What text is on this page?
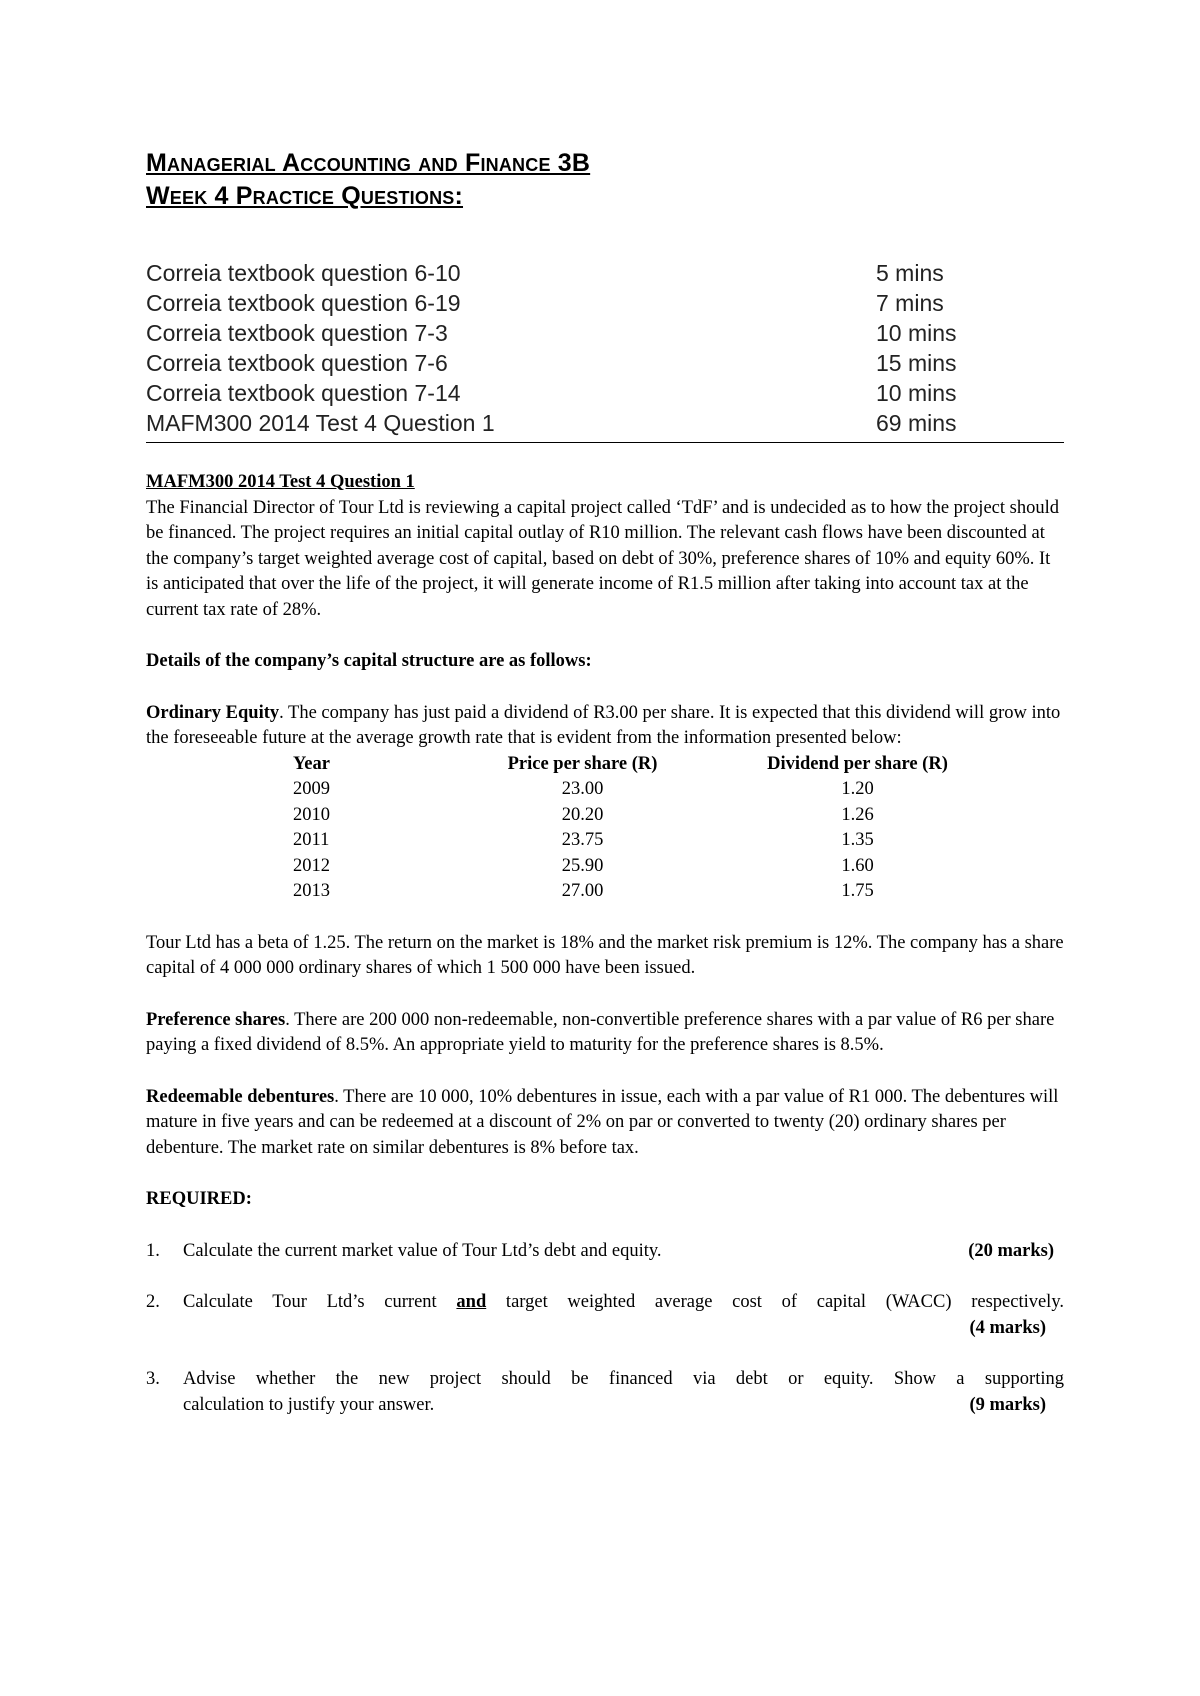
Managerial Accounting and Finance 3B
Week 4 Practice Questions:
Correia textbook question 6-10	5 mins
Correia textbook question 6-19	7 mins
Correia textbook question 7-3	10 mins
Correia textbook question 7-6	15 mins
Correia textbook question 7-14	10 mins
MAFM300 2014 Test 4 Question 1	69 mins
MAFM300 2014 Test 4 Question 1

The Financial Director of Tour Ltd is reviewing a capital project called ‘TdF’ and is undecided as to how the project should be financed. The project requires an initial capital outlay of R10 million. The relevant cash flows have been discounted at the company’s target weighted average cost of capital, based on debt of 30%, preference shares of 10% and equity 60%. It is anticipated that over the life of the project, it will generate income of R1.5 million after taking into account tax at the current tax rate of 28%.

Details of the company’s capital structure are as follows:

Ordinary Equity. The company has just paid a dividend of R3.00 per share. It is expected that this dividend will grow into the foreseeable future at the average growth rate that is evident from the information presented below:

Year	Price per share (R)	Dividend per share (R)
2009	23.00	1.20
2010	20.20	1.26
2011	23.75	1.35
2012	25.90	1.60
2013	27.00	1.75

Tour Ltd has a beta of 1.25. The return on the market is 18% and the market risk premium is 12%. The company has a share capital of 4 000 000 ordinary shares of which 1 500 000 have been issued.

Preference shares. There are 200 000 non-redeemable, non-convertible preference shares with a par value of R6 per share paying a fixed dividend of 8.5%. An appropriate yield to maturity for the preference shares is 8.5%.

Redeemable debentures. There are 10 000, 10% debentures in issue, each with a par value of R1 000. The debentures will mature in five years and can be redeemed at a discount of 2% on par or converted to twenty (20) ordinary shares per debenture. The market rate on similar debentures is 8% before tax.

REQUIRED:
1.	Calculate the current market value of Tour Ltd’s debt and equity.	(20 marks)
2.	Calculate Tour Ltd’s current and target weighted average cost of capital (WACC) respectively.
(4 marks)
3.	Advise whether the new project should be financed via debt or equity. Show a supporting
calculation to justify your answer.	(9 marks)
